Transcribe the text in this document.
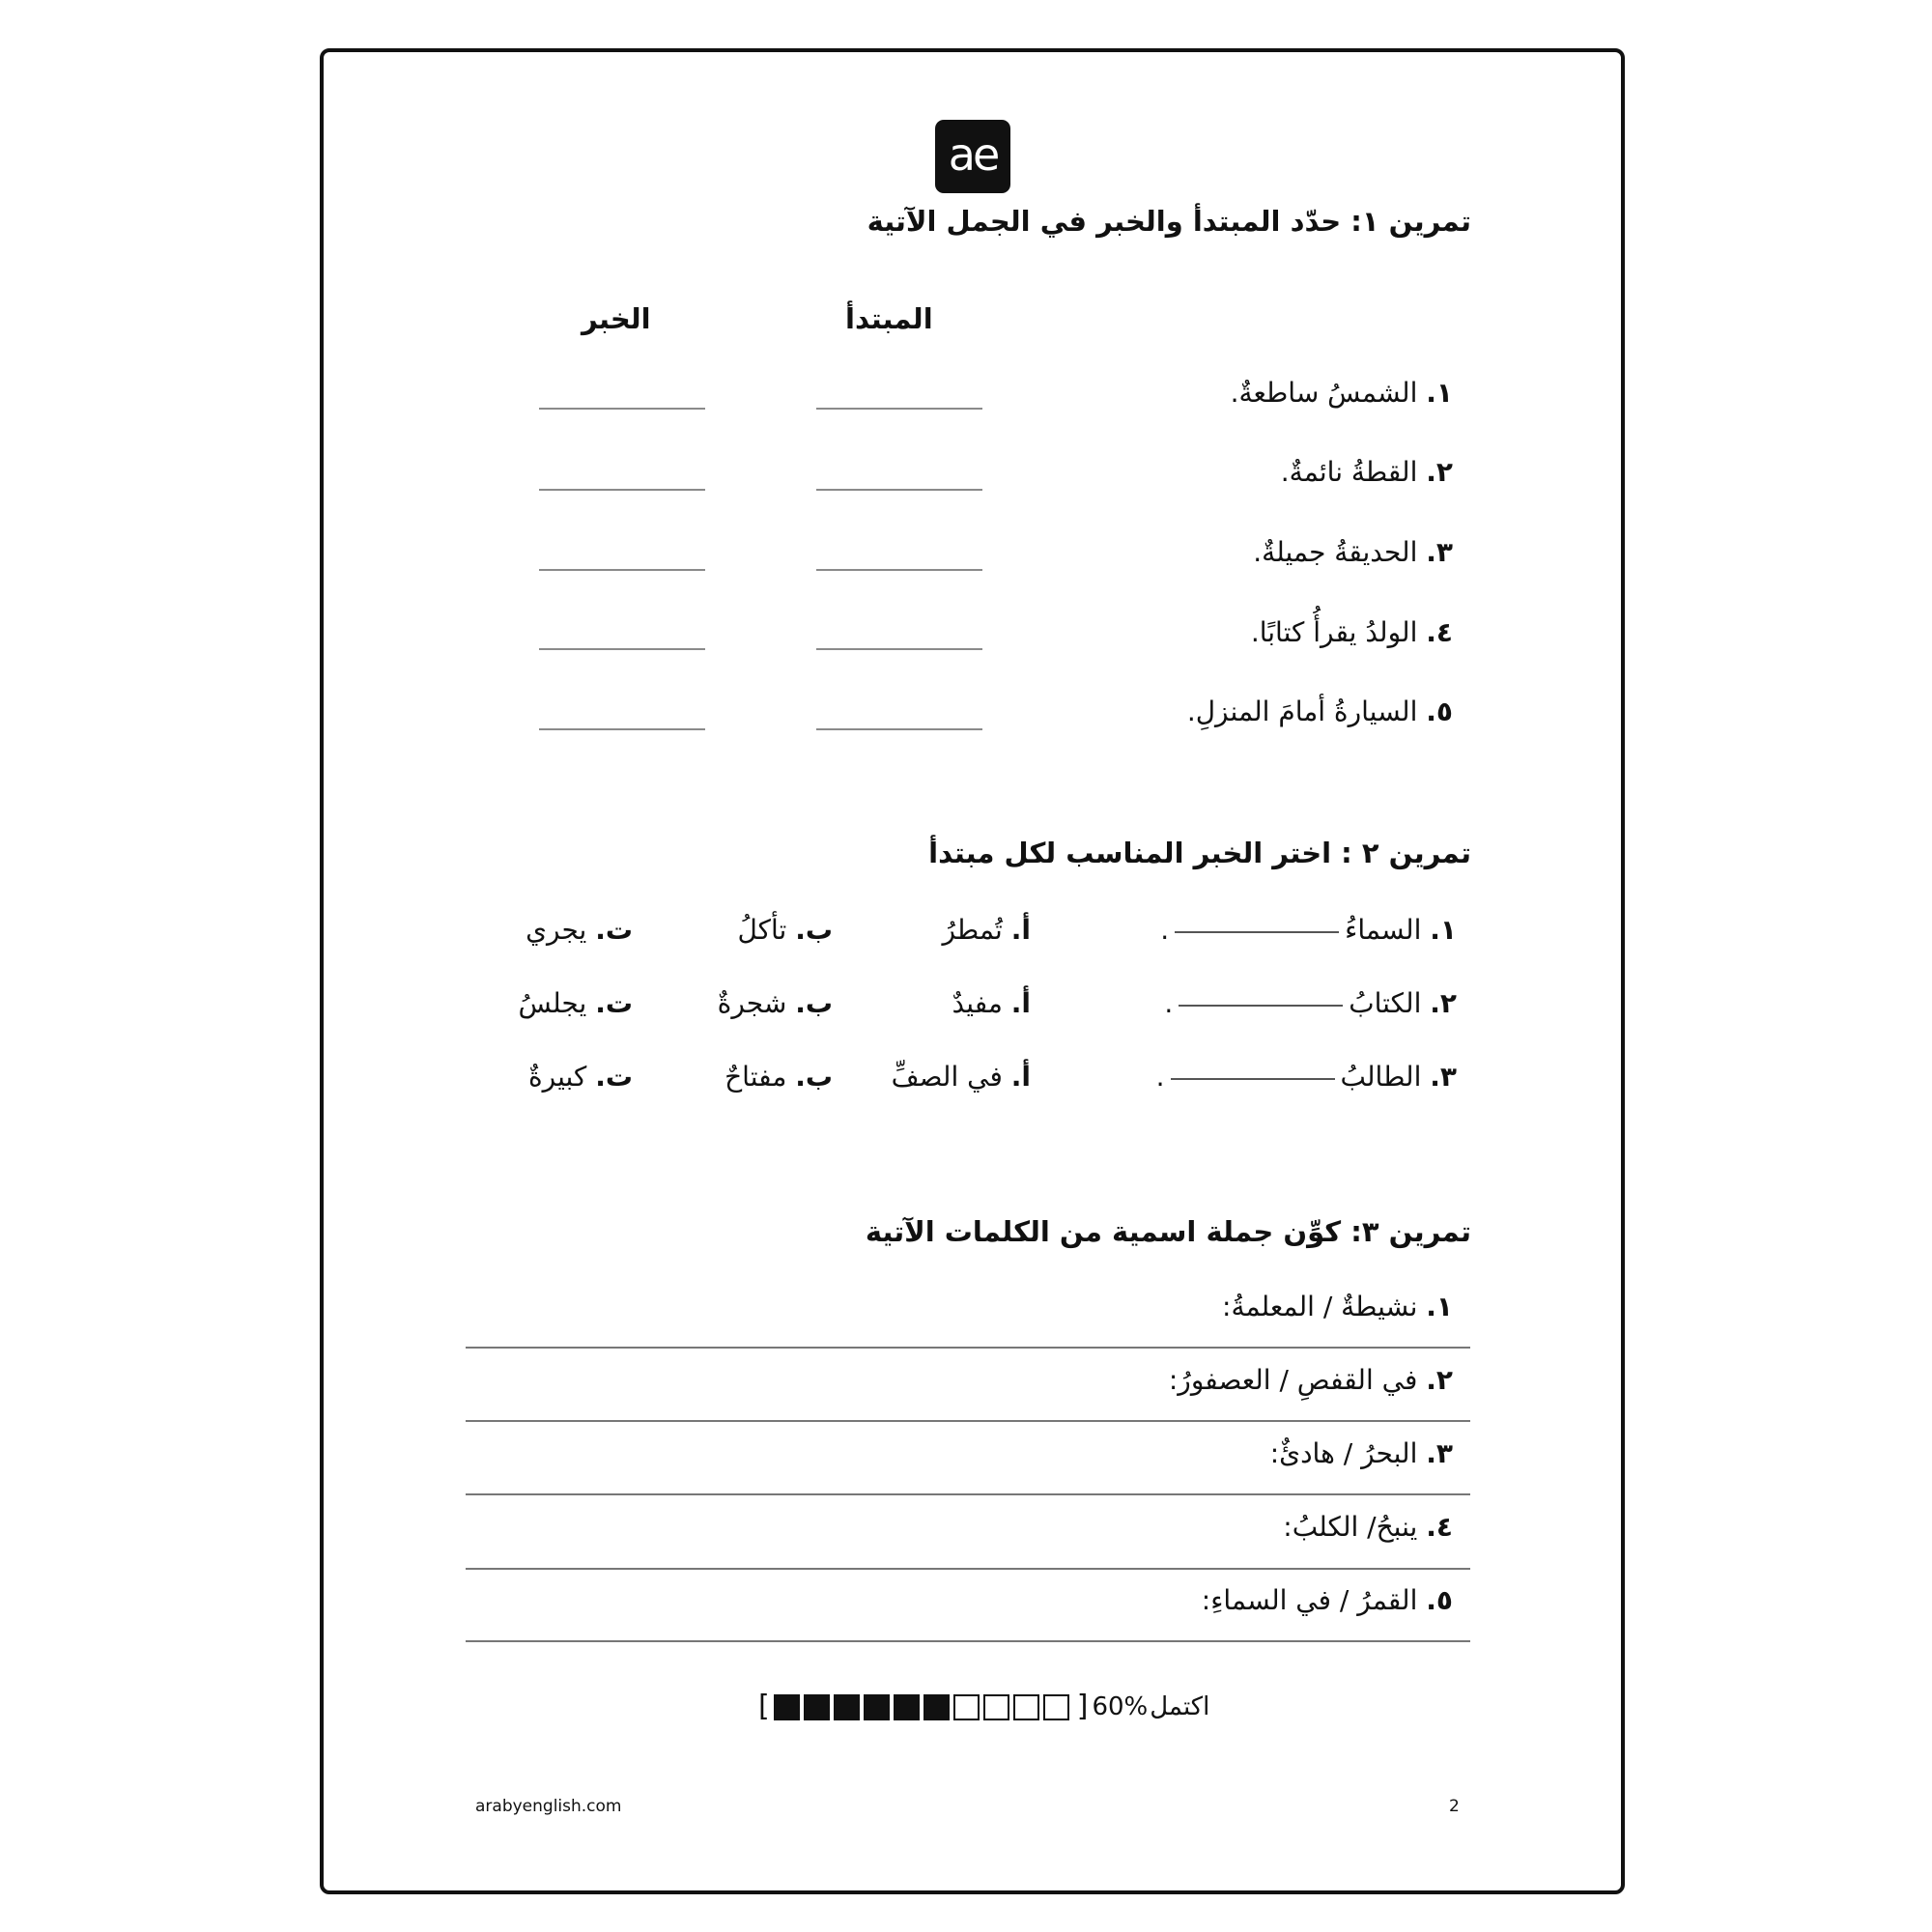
ae
تمرين ١: حدّد المبتدأ والخبر في الجمل الآتية
المبتدأ
الخبر
١. الشمسُ ساطعةٌ.
٢. القطةُ نائمةٌ.
٣. الحديقةُ جميلةٌ.
٤. الولدُ يقرأُ كتابًا.
٥. السيارةُ أمامَ المنزلِ.
تمرين ٢ : اختر الخبر المناسب لكل مبتدأ
١. السماءُ.
أ. تُمطرُ
ب. تأكلُ
ت. يجري
٢. الكتابُ.
أ. مفيدٌ
ب. شجرةٌ
ت. يجلسُ
٣. الطالبُ.
أ. في الصفِّ
ب. مفتاحٌ
ت. كبيرةٌ
تمرين ٣: كوِّن جملة اسمية من الكلمات الآتية
١. نشيطةٌ / المعلمةُ:
٢. في القفصِ / العصفورُ:
٣. البحرُ / هادئٌ:
٤. ينبحُ/ الكلبُ:
٥. القمرُ / في السماءِ:
[	] 60% اكتمل
arabyenglish.com	2
